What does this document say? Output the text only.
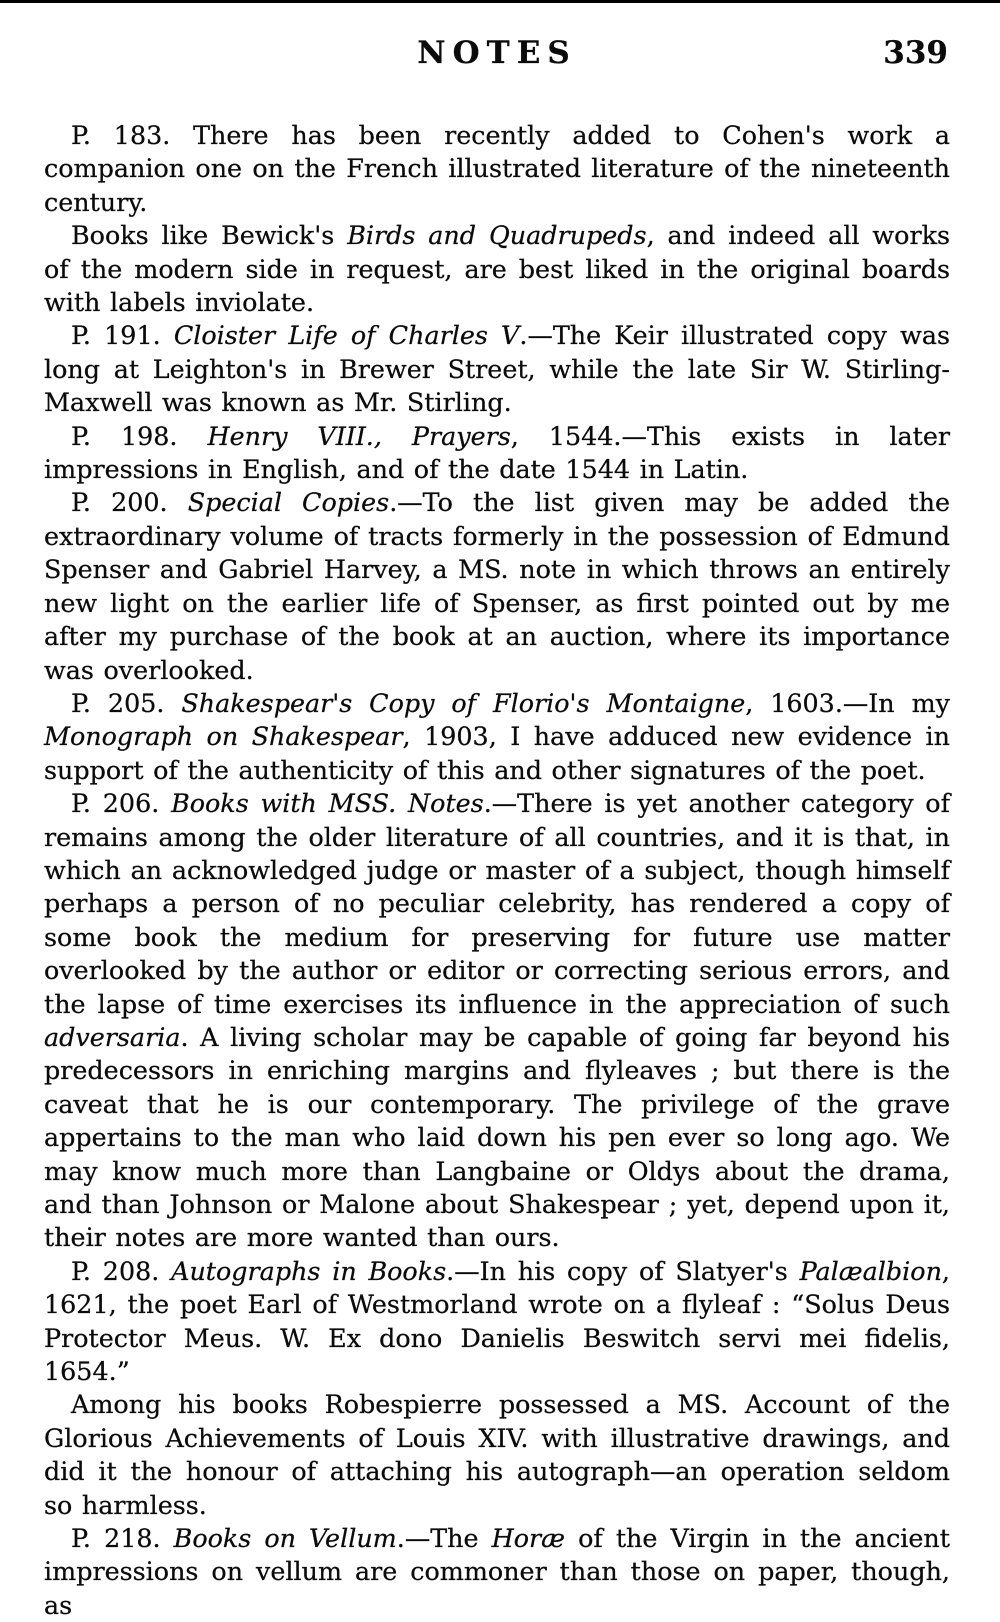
NOTES	339

P. 183. There has been recently added to Cohen's work a companion one on the French illustrated literature of the nineteenth century.

Books like Bewick's Birds and Quadrupeds, and indeed all works of the modern side in request, are best liked in the original boards with labels inviolate.

P. 191. Cloister Life of Charles V.—The Keir illustrated copy was long at Leighton's in Brewer Street, while the late Sir W. Stirling-Maxwell was known as Mr. Stirling.

P. 198. Henry VIII., Prayers, 1544.—This exists in later impressions in English, and of the date 1544 in Latin.

P. 200. Special Copies.—To the list given may be added the extraordinary volume of tracts formerly in the possession of Edmund Spenser and Gabriel Harvey, a MS. note in which throws an entirely new light on the earlier life of Spenser, as first pointed out by me after my purchase of the book at an auction, where its importance was overlooked.

P. 205. Shakespear's Copy of Florio's Montaigne, 1603.—In my Monograph on Shakespear, 1903, I have adduced new evidence in support of the authenticity of this and other signatures of the poet.

P. 206. Books with MSS. Notes.—There is yet another category of remains among the older literature of all countries, and it is that, in which an acknowledged judge or master of a subject, though himself perhaps a person of no peculiar celebrity, has rendered a copy of some book the medium for preserving for future use matter overlooked by the author or editor or correcting serious errors, and the lapse of time exercises its influence in the appreciation of such adversaria. A living scholar may be capable of going far beyond his predecessors in enriching margins and flyleaves ; but there is the caveat that he is our contemporary. The privilege of the grave appertains to the man who laid down his pen ever so long ago. We may know much more than Langbaine or Oldys about the drama, and than Johnson or Malone about Shakespear ; yet, depend upon it, their notes are more wanted than ours.

P. 208. Autographs in Books.—In his copy of Slatyer's Palæalbion, 1621, the poet Earl of Westmorland wrote on a flyleaf : “Solus Deus Protector Meus. W. Ex dono Danielis Beswitch servi mei fidelis, 1654.”

Among his books Robespierre possessed a MS. Account of the Glorious Achievements of Louis XIV. with illustrative drawings, and did it the honour of attaching his autograph—an operation seldom so harmless.

P. 218. Books on Vellum.—The Horæ of the Virgin in the ancient impressions on vellum are commoner than those on paper, though, as
